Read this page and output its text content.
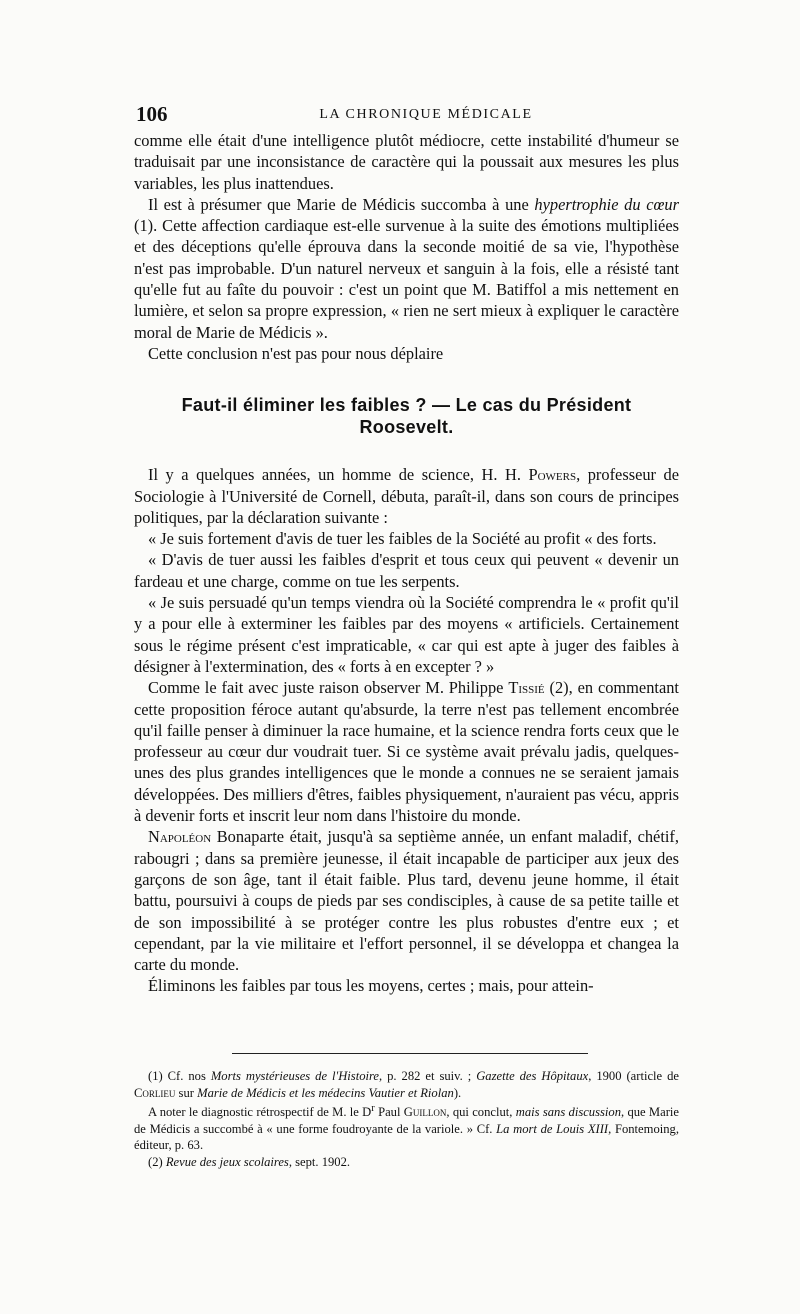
106	LA CHRONIQUE MÉDICALE

comme elle était d'une intelligence plutôt médiocre, cette instabilité d'humeur se traduisait par une inconsistance de caractère qui la poussait aux mesures les plus variables, les plus inattendues.

Il est à présumer que Marie de Médicis succomba à une hypertrophie du cœur (1). Cette affection cardiaque est-elle survenue à la suite des émotions multipliées et des déceptions qu'elle éprouva dans la seconde moitié de sa vie, l'hypothèse n'est pas improbable. D'un naturel nerveux et sanguin à la fois, elle a résisté tant qu'elle fut au faîte du pouvoir : c'est un point que M. Batiffol a mis nettement en lumière, et selon sa propre expression, « rien ne sert mieux à expliquer le caractère moral de Marie de Médicis ».

Cette conclusion n'est pas pour nous déplaire

Faut-il éliminer les faibles ? — Le cas du Président
Roosevelt.

Il y a quelques années, un homme de science, H. H. Powers, professeur de Sociologie à l'Université de Cornell, débuta, paraît-il, dans son cours de principes politiques, par la déclaration suivante :

« Je suis fortement d'avis de tuer les faibles de la Société au profit « des forts.

« D'avis de tuer aussi les faibles d'esprit et tous ceux qui peuvent « devenir un fardeau et une charge, comme on tue les serpents.

« Je suis persuadé qu'un temps viendra où la Société comprendra le « profit qu'il y a pour elle à exterminer les faibles par des moyens « artificiels. Certainement sous le régime présent c'est impraticable, « car qui est apte à juger des faibles à désigner à l'extermination, des « forts à en excepter ? »

Comme le fait avec juste raison observer M. Philippe Tissié (2), en commentant cette proposition féroce autant qu'absurde, la terre n'est pas tellement encombrée qu'il faille penser à diminuer la race humaine, et la science rendra forts ceux que le professeur au cœur dur voudrait tuer. Si ce système avait prévalu jadis, quelques-unes des plus grandes intelligences que le monde a connues ne se seraient jamais développées. Des milliers d'êtres, faibles physiquement, n'auraient pas vécu, appris à devenir forts et inscrit leur nom dans l'histoire du monde.

Napoléon Bonaparte était, jusqu'à sa septième année, un enfant maladif, chétif, rabougri ; dans sa première jeunesse, il était incapable de participer aux jeux des garçons de son âge, tant il était faible. Plus tard, devenu jeune homme, il était battu, poursuivi à coups de pieds par ses condisciples, à cause de sa petite taille et de son impossibilité à se protéger contre les plus robustes d'entre eux ; et cependant, par la vie militaire et l'effort personnel, il se développa et changea la carte du monde.

Éliminons les faibles par tous les moyens, certes ; mais, pour attein-

(1) Cf. nos Morts mystérieuses de l'Histoire, p. 282 et suiv. ; Gazette des Hôpitaux, 1900 (article de Corlieu sur Marie de Médicis et les médecins Vautier et Riolan).

A noter le diagnostic rétrospectif de M. le $D^r$ Paul Guillon, qui conclut, mais sans discussion, que Marie de Médicis a succombé à « une forme foudroyante de la variole. » Cf. La mort de Louis XIII, Fontemoing, éditeur, p. 63.

(2) Revue des jeux scolaires, sept. 1902.
